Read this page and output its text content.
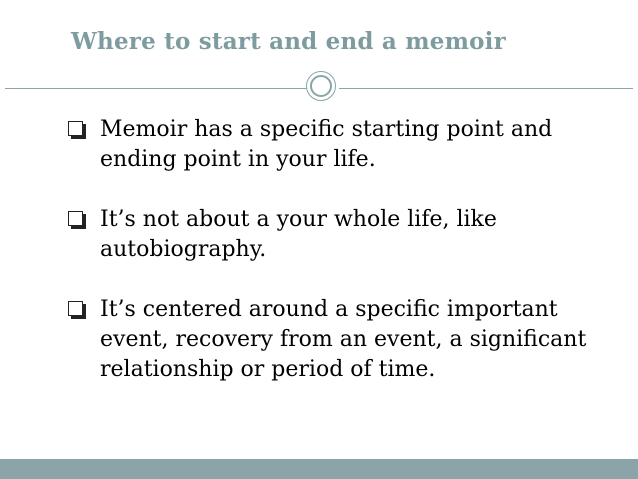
Where to start and end a memoir
Memoir has a specific starting point and ending point in your life.
It’s not about a your whole life, like autobiography.
It’s centered around a specific important event, recovery from an event, a significant relationship or period of time.
